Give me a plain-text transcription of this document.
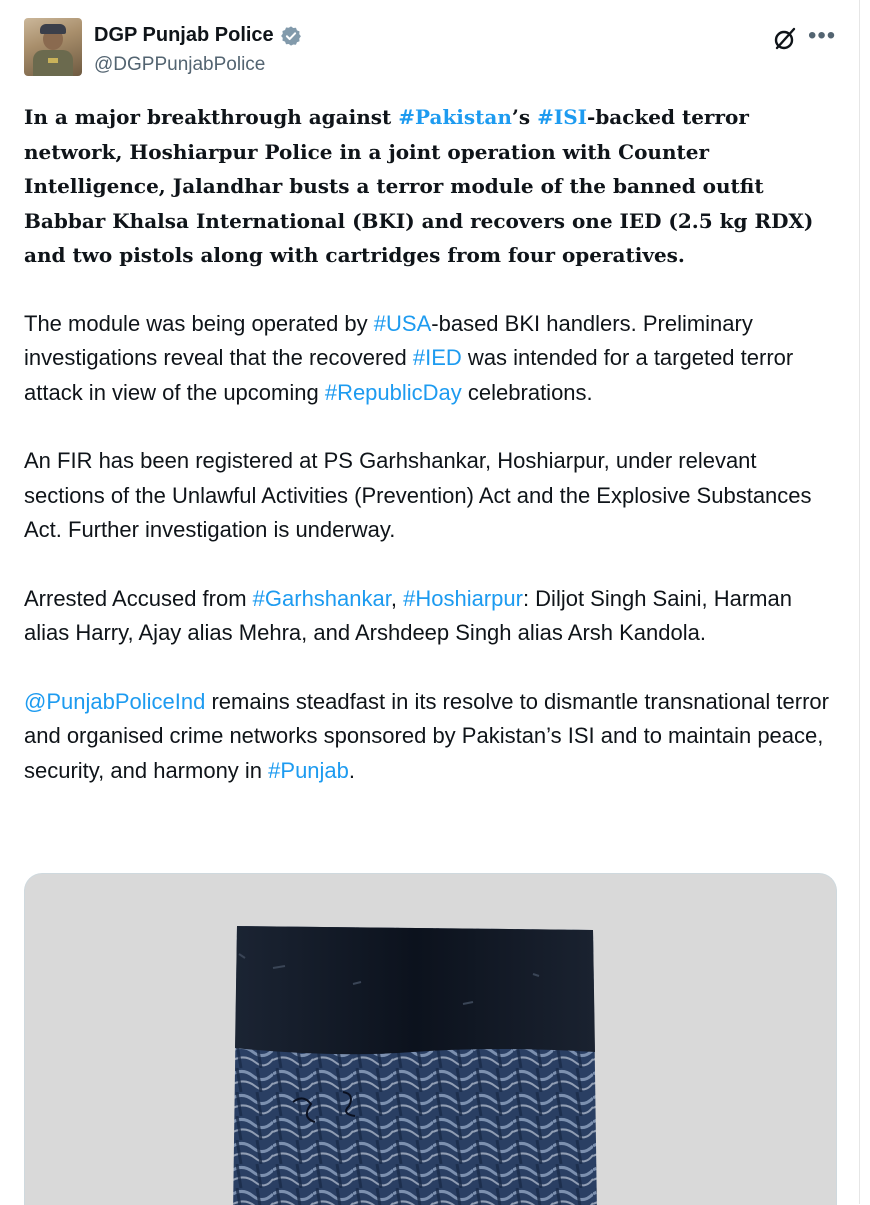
DGP Punjab Police
@DGPPunjabPolice
•••

In a major breakthrough against #Pakistan’s #ISI-backed terror network, Hoshiarpur Police in a joint operation with Counter Intelligence, Jalandhar busts a terror module of the banned outfit Babbar Khalsa International (BKI) and recovers one IED (2.5 kg RDX) and two pistols along with cartridges from four operatives.

The module was being operated by #USA-based BKI handlers. Preliminary investigations reveal that the recovered #IED was intended for a targeted terror attack in view of the upcoming #RepublicDay celebrations.

An FIR has been registered at PS Garhshankar, Hoshiarpur, under relevant sections of the Unlawful Activities (Prevention) Act and the Explosive Substances Act. Further investigation is underway.

Arrested Accused from #Garhshankar, #Hoshiarpur: Diljot Singh Saini, Harman alias Harry, Ajay alias Mehra, and Arshdeep Singh alias Arsh Kandola.

@PunjabPoliceInd remains steadfast in its resolve to dismantle transnational terror and organised crime networks sponsored by Pakistan’s ISI and to maintain peace, security, and harmony in #Punjab.
